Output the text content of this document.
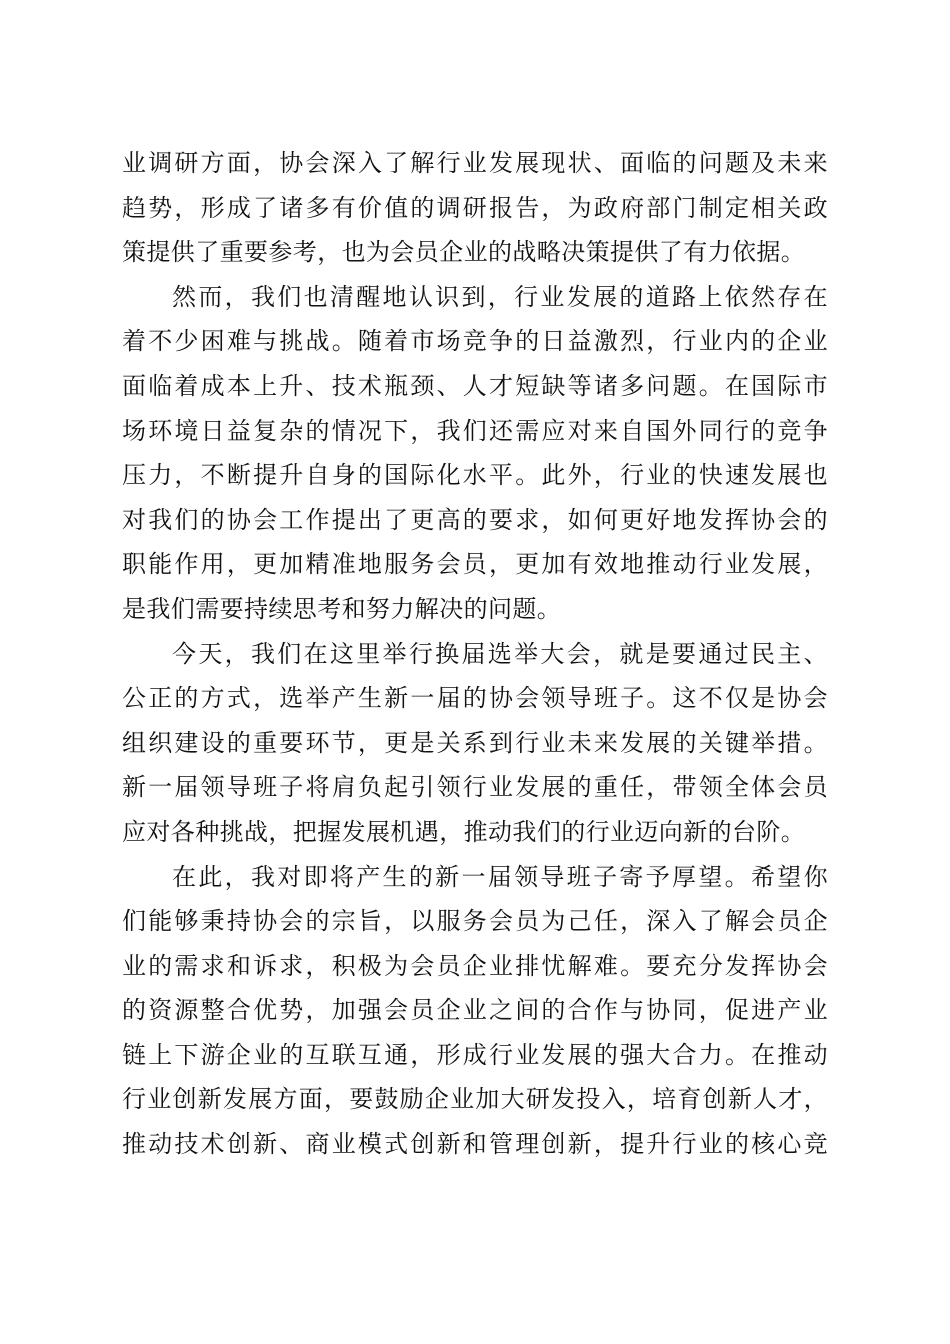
业调研方面，协会深入了解行业发展现状、面临的问题及未来
趋势，形成了诸多有价值的调研报告，为政府部门制定相关政
策提供了重要参考，也为会员企业的战略决策提供了有力依据。
然而，我们也清醒地认识到，行业发展的道路上依然存在
着不少困难与挑战。随着市场竞争的日益激烈，行业内的企业
面临着成本上升、技术瓶颈、人才短缺等诸多问题。在国际市
场环境日益复杂的情况下，我们还需应对来自国外同行的竞争
压力，不断提升自身的国际化水平。此外，行业的快速发展也
对我们的协会工作提出了更高的要求，如何更好地发挥协会的
职能作用，更加精准地服务会员，更加有效地推动行业发展，
是我们需要持续思考和努力解决的问题。
今天，我们在这里举行换届选举大会，就是要通过民主、
公正的方式，选举产生新一届的协会领导班子。这不仅是协会
组织建设的重要环节，更是关系到行业未来发展的关键举措。
新一届领导班子将肩负起引领行业发展的重任，带领全体会员
应对各种挑战，把握发展机遇，推动我们的行业迈向新的台阶。
在此，我对即将产生的新一届领导班子寄予厚望。希望你
们能够秉持协会的宗旨，以服务会员为己任，深入了解会员企
业的需求和诉求，积极为会员企业排忧解难。要充分发挥协会
的资源整合优势，加强会员企业之间的合作与协同，促进产业
链上下游企业的互联互通，形成行业发展的强大合力。在推动
行业创新发展方面，要鼓励企业加大研发投入，培育创新人才，
推动技术创新、商业模式创新和管理创新，提升行业的核心竞
